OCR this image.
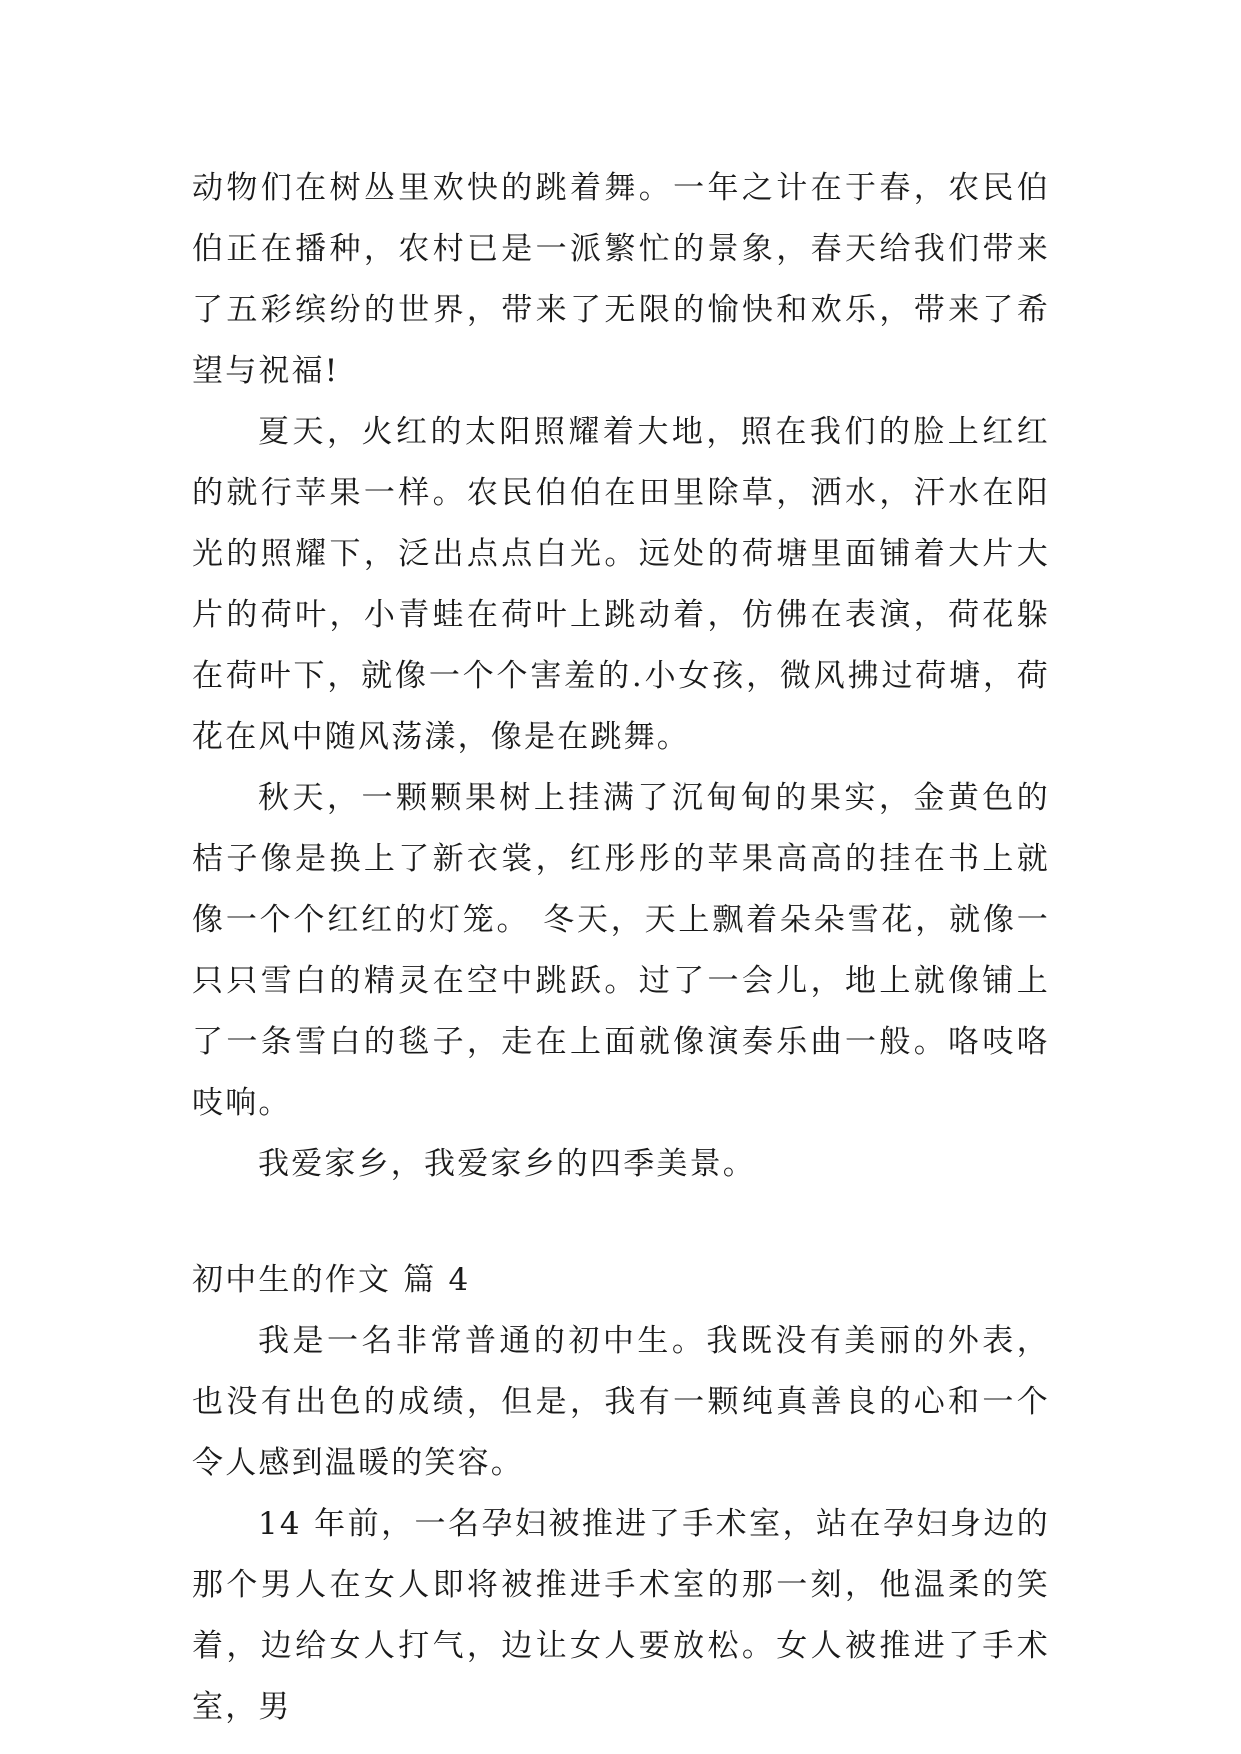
动物们在树丛里欢快的跳着舞。一年之计在于春，农民伯伯正在播种，农村已是一派繁忙的景象，春天给我们带来了五彩缤纷的世界，带来了无限的愉快和欢乐，带来了希望与祝福!

夏天，火红的太阳照耀着大地，照在我们的脸上红红的就行苹果一样。农民伯伯在田里除草，洒水，汗水在阳光的照耀下，泛出点点白光。远处的荷塘里面铺着大片大片的荷叶，小青蛙在荷叶上跳动着，仿佛在表演，荷花躲在荷叶下，就像一个个害羞的.小女孩，微风拂过荷塘，荷花在风中随风荡漾，像是在跳舞。

秋天，一颗颗果树上挂满了沉甸甸的果实，金黄色的桔子像是换上了新衣裳，红彤彤的苹果高高的挂在书上就像一个个红红的灯笼。 冬天，天上飘着朵朵雪花，就像一只只雪白的精灵在空中跳跃。过了一会儿，地上就像铺上了一条雪白的毯子，走在上面就像演奏乐曲一般。咯吱咯吱响。

我爱家乡，我爱家乡的四季美景。

初中生的作文 篇 4

我是一名非常普通的初中生。我既没有美丽的外表，也没有出色的成绩，但是，我有一颗纯真善良的心和一个令人感到温暖的笑容。

14 年前，一名孕妇被推进了手术室，站在孕妇身边的那个男人在女人即将被推进手术室的那一刻，他温柔的笑着，边给女人打气，边让女人要放松。女人被推进了手术室，男
